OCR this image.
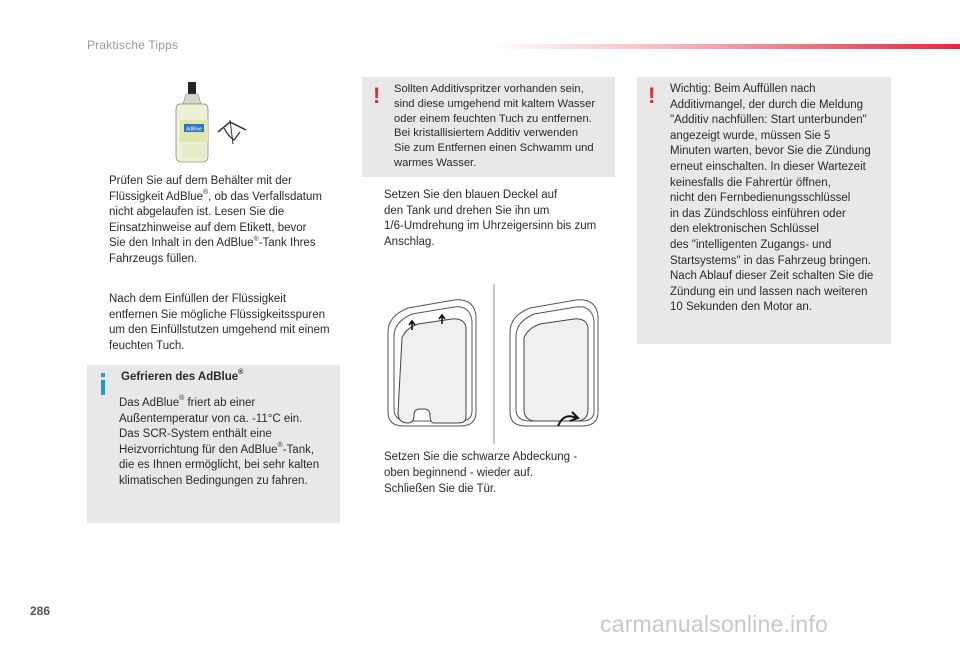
Praktische Tipps
AdBlue
Prüfen Sie auf dem Behälter mit der
Flüssigkeit AdBlue®, ob das Verfallsdatum
nicht abgelaufen ist. Lesen Sie die
Einsatzhinweise auf dem Etikett, bevor
Sie den Inhalt in den AdBlue®-Tank Ihres
Fahrzeugs füllen.
Nach dem Einfüllen der Flüssigkeit
entfernen Sie mögliche Flüssigkeitsspuren
um den Einfüllstutzen umgehend mit einem
feuchten Tuch.
Gefrieren des AdBlue®
Das AdBlue® friert ab einer
Außentemperatur von ca. -11°C ein.
Das SCR-System enthält eine
Heizvorrichtung für den AdBlue®-Tank,
die es Ihnen ermöglicht, bei sehr kalten
klimatischen Bedingungen zu fahren.
! Sollten Additivspritzer vorhanden sein,
sind diese umgehend mit kaltem Wasser
oder einem feuchten Tuch zu entfernen.
Bei kristallisiertem Additiv verwenden
Sie zum Entfernen einen Schwamm und
warmes Wasser.
Setzen Sie den blauen Deckel auf
den Tank und drehen Sie ihn um
1/6-Umdrehung im Uhrzeigersinn bis zum
Anschlag.
Setzen Sie die schwarze Abdeckung -
oben beginnend - wieder auf.
Schließen Sie die Tür.
! Wichtig: Beim Auffüllen nach
Additivmangel, der durch die Meldung
"Additiv nachfüllen: Start unterbunden"
angezeigt wurde, müssen Sie 5
Minuten warten, bevor Sie die Zündung
erneut einschalten. In dieser Wartezeit
keinesfalls die Fahrertür öffnen,
nicht den Fernbedienungsschlüssel
in das Zündschloss einführen oder
den elektronischen Schlüssel
des "intelligenten Zugangs- und
Startsystems" in das Fahrzeug bringen.
Nach Ablauf dieser Zeit schalten Sie die
Zündung ein und lassen nach weiteren
10 Sekunden den Motor an.
286	carmanualsonline.info
